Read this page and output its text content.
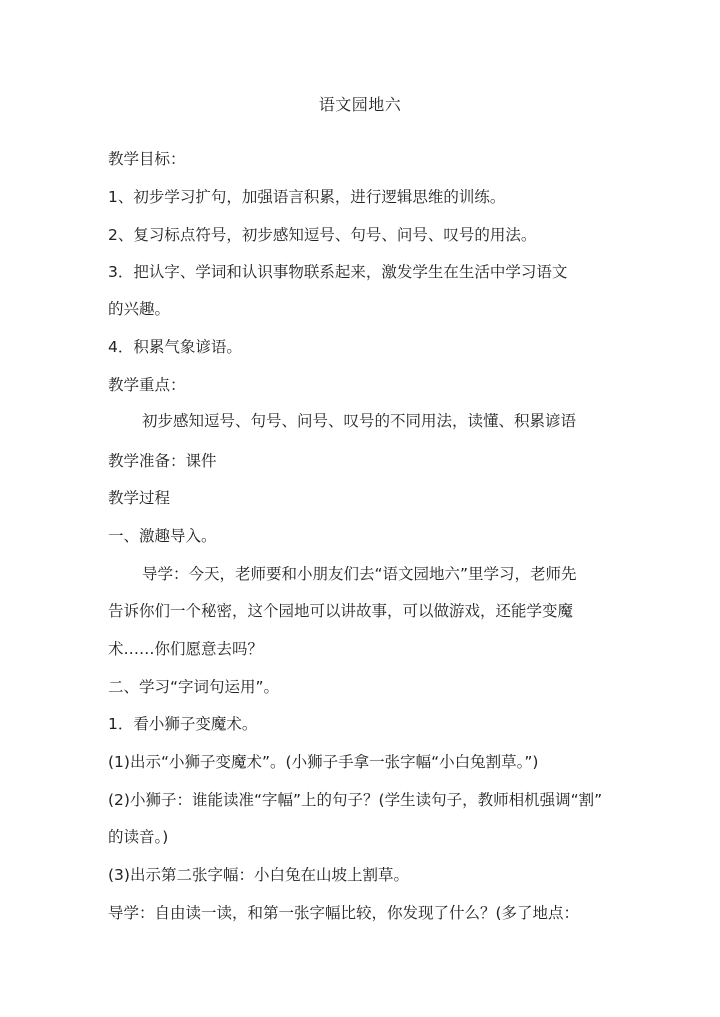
语文园地六
教学目标：
1、初步学习扩句，加强语言积累，进行逻辑思维的训练。
2、复习标点符号，初步感知逗号、句号、问号、叹号的用法。
3．把认字、学词和认识事物联系起来，激发学生在生活中学习语文
的兴趣。
4．积累气象谚语。
教学重点：
初步感知逗号、句号、问号、叹号的不同用法，读懂、积累谚语
教学准备：课件
教学过程
一、激趣导入。
导学：今天，老师要和小朋友们去“语文园地六”里学习，老师先
告诉你们一个秘密，这个园地可以讲故事，可以做游戏，还能学变魔
术……你们愿意去吗？
二、学习“字词句运用”。
1．看小狮子变魔术。
(1)出示“小狮子变魔术”。(小狮子手拿一张字幅“小白兔割草。”)
(2)小狮子：谁能读准“字幅”上的句子？(学生读句子，教师相机强调“割”
的读音。)
(3)出示第二张字幅：小白兔在山坡上割草。
导学：自由读一读，和第一张字幅比较，你发现了什么？(多了地点：
